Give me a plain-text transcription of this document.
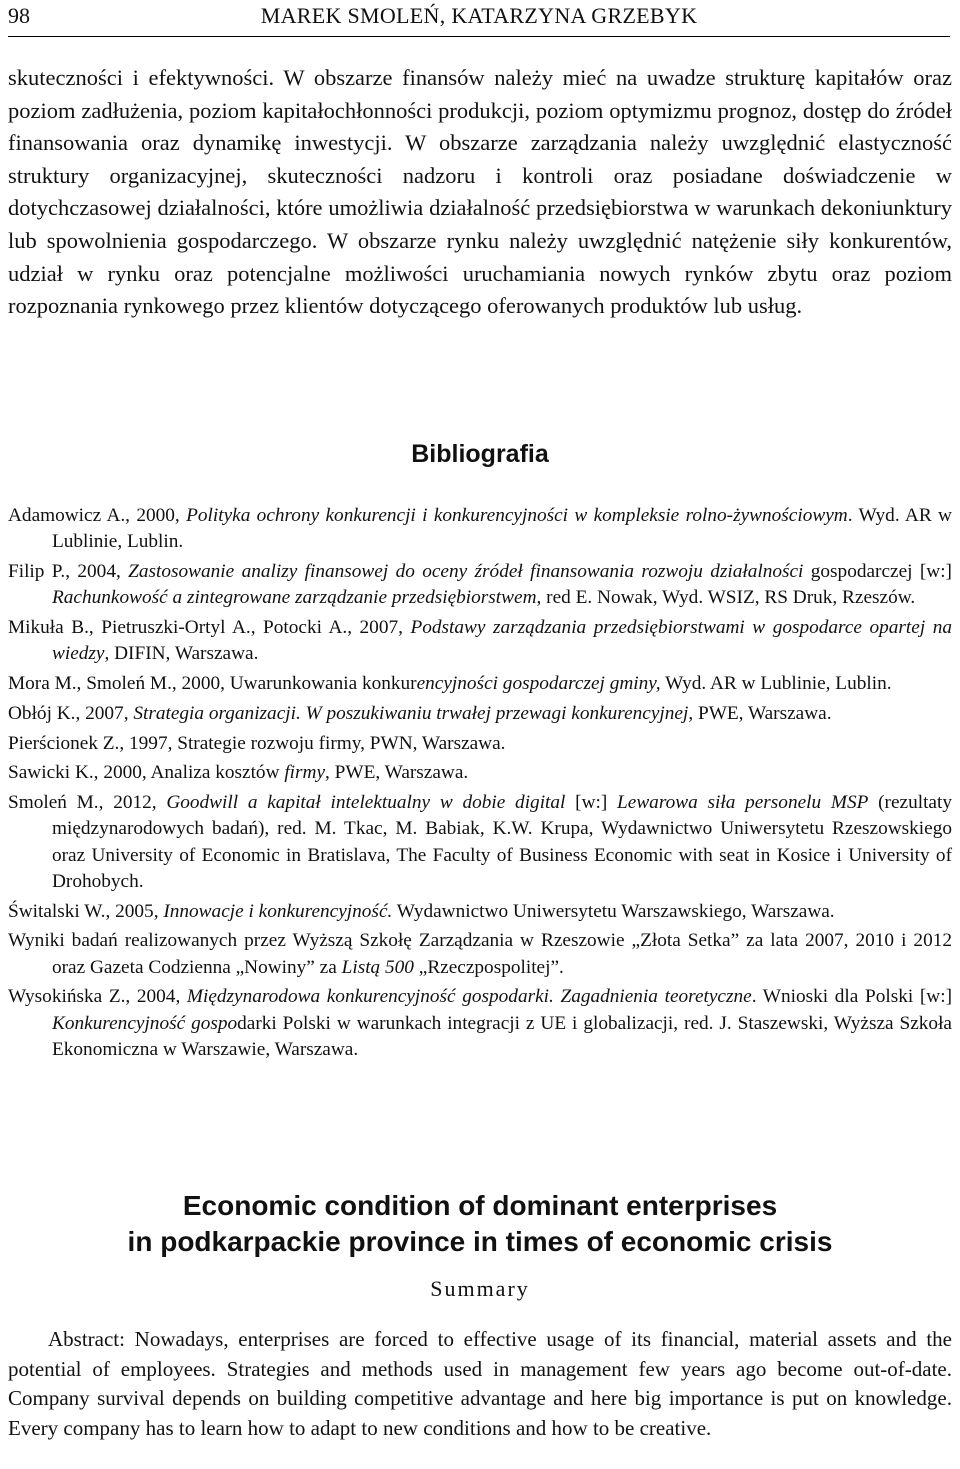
98	MAREK SMOLEŃ, KATARZYNA GRZEBYK

skuteczności i efektywności. W obszarze finansów należy mieć na uwadze strukturę kapitałów oraz poziom zadłużenia, poziom kapitałochłonności produkcji, poziom optymizmu prognoz, dostęp do źródeł finansowania oraz dynamikę inwestycji. W obszarze zarządzania należy uwzględnić elastyczność struktury organizacyjnej, skuteczności nadzoru i kontroli oraz posiadane doświadczenie w dotychczasowej działalności, które umożliwia działalność przedsiębiorstwa w warunkach dekoniunktury lub spowolnienia gospodarczego. W obszarze rynku należy uwzględnić natężenie siły konkurentów, udział w rynku oraz potencjalne możliwości uruchamiania nowych rynków zbytu oraz poziom rozpoznania rynkowego przez klientów dotyczącego oferowanych produktów lub usług.

Bibliografia

Adamowicz A., 2000, Polityka ochrony konkurencji i konkurencyjności w kompleksie rolno-żywnościowym. Wyd. AR w Lublinie, Lublin.

Filip P., 2004, Zastosowanie analizy finansowej do oceny źródeł finansowania rozwoju działalności gospodarczej [w:] Rachunkowość a zintegrowane zarządzanie przedsiębiorstwem, red E. Nowak, Wyd. WSIZ, RS Druk, Rzeszów.

Mikuła B., Pietruszki-Ortyl A., Potocki A., 2007, Podstawy zarządzania przedsiębiorstwami w gospodarce opartej na wiedzy, DIFIN, Warszawa.

Mora M., Smoleń M., 2000, Uwarunkowania konkurencyjności gospodarczej gminy, Wyd. AR w Lublinie, Lublin.

Obłój K., 2007, Strategia organizacji. W poszukiwaniu trwałej przewagi konkurencyjnej, PWE, Warszawa.

Pierścionek Z., 1997, Strategie rozwoju firmy, PWN, Warszawa.

Sawicki K., 2000, Analiza kosztów firmy, PWE, Warszawa.

Smoleń M., 2012, Goodwill a kapitał intelektualny w dobie digital [w:] Lewarowa siła personelu MSP (rezultaty międzynarodowych badań), red. M. Tkac, M. Babiak, K.W. Krupa, Wydawnictwo Uniwersytetu Rzeszowskiego oraz University of Economic in Bratislava, The Faculty of Business Economic with seat in Kosice i University of Drohobych.

Świtalski W., 2005, Innowacje i konkurencyjność. Wydawnictwo Uniwersytetu Warszawskiego, Warszawa.

Wyniki badań realizowanych przez Wyższą Szkołę Zarządzania w Rzeszowie „Złota Setka” za lata 2007, 2010 i 2012 oraz Gazeta Codzienna „Nowiny” za Listą 500 „Rzeczpospolitej”.

Wysokińska Z., 2004, Międzynarodowa konkurencyjność gospodarki. Zagadnienia teoretyczne. Wnioski dla Polski [w:] Konkurencyjność gospodarki Polski w warunkach integracji z UE i globalizacji, red. J. Staszewski, Wyższa Szkoła Ekonomiczna w Warszawie, Warszawa.

Economic condition of dominant enterprises
in podkarpackie province in times of economic crisis
Summary

Abstract: Nowadays, enterprises are forced to effective usage of its financial, material assets and the potential of employees. Strategies and methods used in management few years ago become out-of-date. Company survival depends on building competitive advantage and here big importance is put on knowledge. Every company has to learn how to adapt to new conditions and how to be creative.
